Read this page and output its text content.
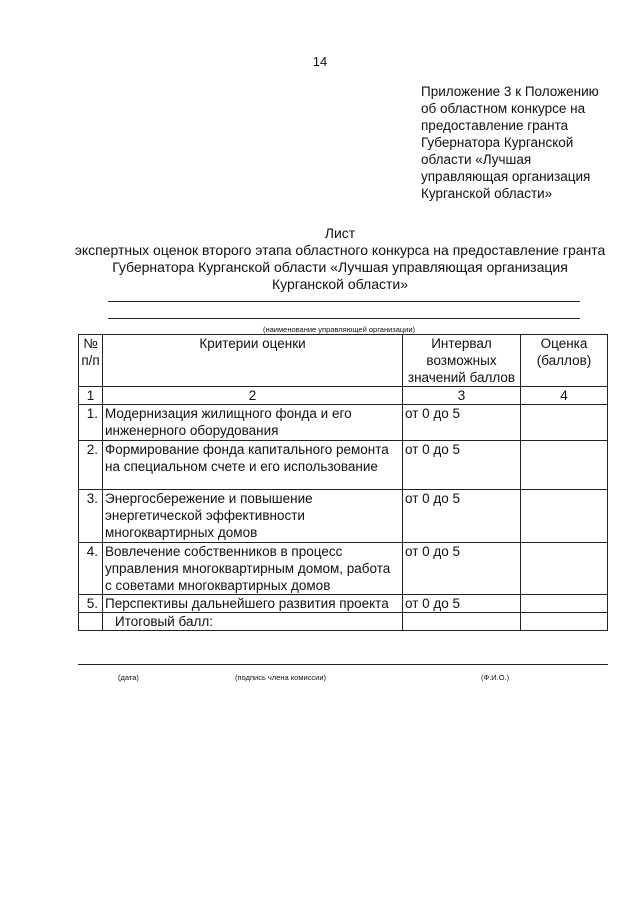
14
Приложение 3 к Положению
об областном конкурсе на
предоставление гранта
Губернатора Курганской
области «Лучшая
управляющая организация
Курганской области»
Лист
экспертных оценок второго этапа областного конкурса на предоставление гранта
Губернатора Курганской области «Лучшая управляющая организация
Курганской области»
(наименование управляющей организации)
№ п/п	Критерии оценки	Интервал возможных значений баллов	Оценка (баллов)
1	2	3	4
1.	Модернизация жилищного фонда и его инженерного оборудования	от 0 до 5	
2.	Формирование фонда капитального ремонта на специальном счете и его использование	от 0 до 5	
3.	Энергосбережение и повышение энергетической эффективности многоквартирных домов	от 0 до 5	
4.	Вовлечение собственников в процесс управления многоквартирным домом, работа с советами многоквартирных домов	от 0 до 5	
5.	Перспективы дальнейшего развития проекта	от 0 до 5	
	Итоговый балл:		
(дата)	(подпись члена комиссии)	(Ф.И.О.)
